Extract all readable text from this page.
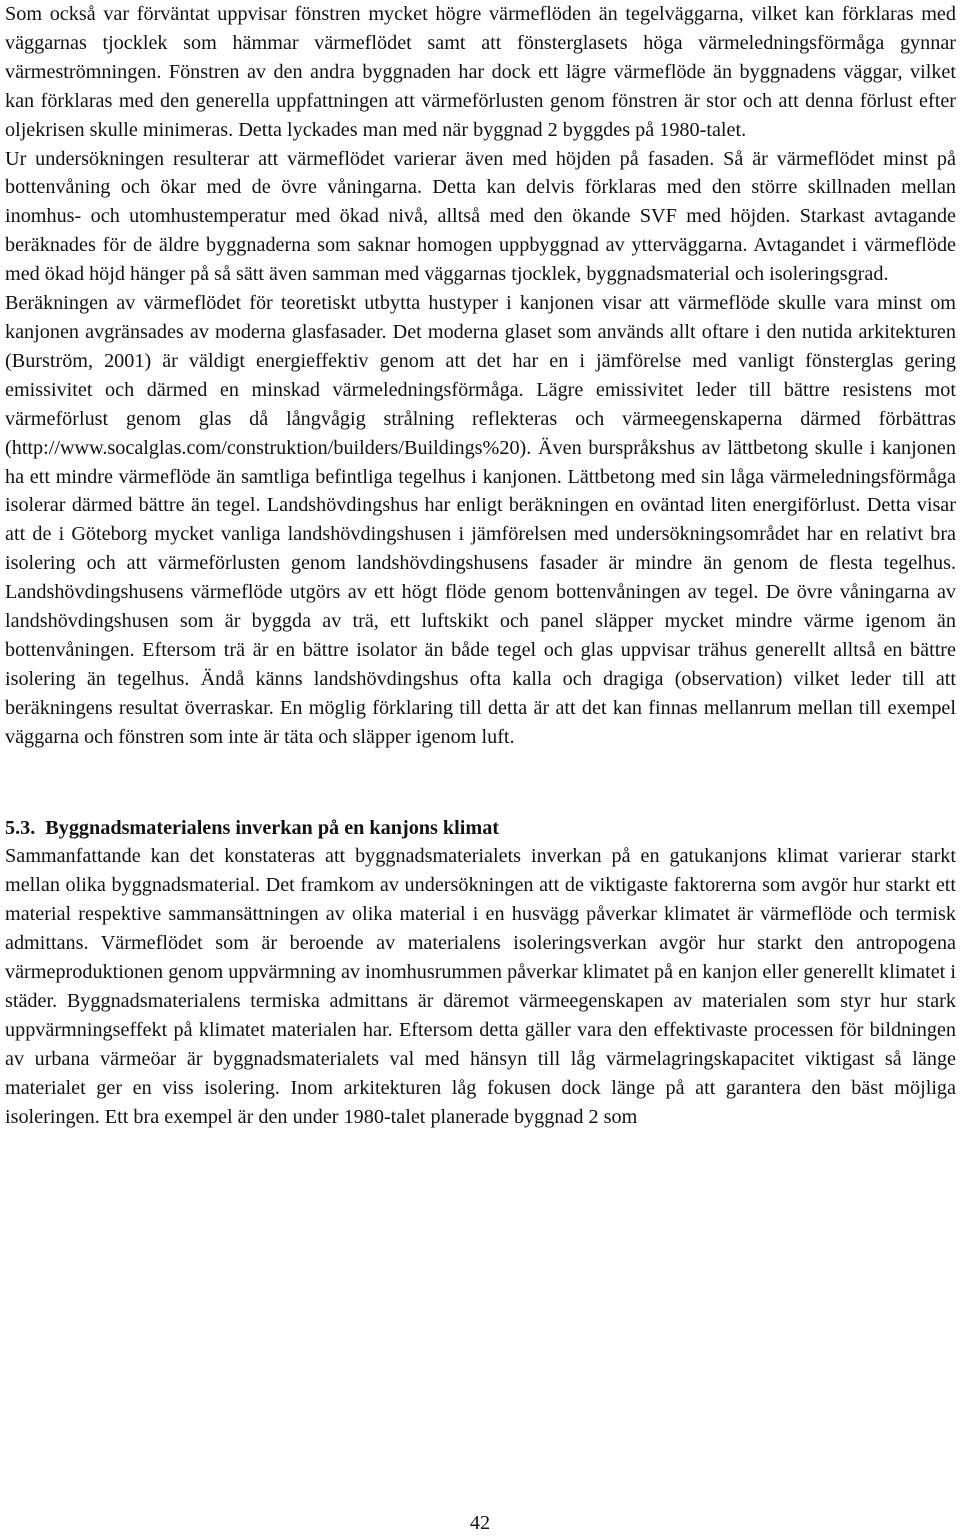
Som också var förväntat uppvisar fönstren mycket högre värmeflöden än tegelväggarna, vilket kan förklaras med väggarnas tjocklek som hämmar värmeflödet samt att fönsterglasets höga värmeledningsförmåga gynnar värmeströmningen. Fönstren av den andra byggnaden har dock ett lägre värmeflöde än byggnadens väggar, vilket kan förklaras med den generella uppfattningen att värmeförlusten genom fönstren är stor och att denna förlust efter oljekrisen skulle minimeras. Detta lyckades man med när byggnad 2 byggdes på 1980-talet.

Ur undersökningen resulterar att värmeflödet varierar även med höjden på fasaden. Så är värmeflödet minst på bottenvåning och ökar med de övre våningarna. Detta kan delvis förklaras med den större skillnaden mellan inomhus- och utomhustemperatur med ökad nivå, alltså med den ökande SVF med höjden. Starkast avtagande beräknades för de äldre byggnaderna som saknar homogen uppbyggnad av ytterväggarna. Avtagandet i värmeflöde med ökad höjd hänger på så sätt även samman med väggarnas tjocklek, byggnadsmaterial och isoleringsgrad.

Beräkningen av värmeflödet för teoretiskt utbytta hustyper i kanjonen visar att värmeflöde skulle vara minst om kanjonen avgränsades av moderna glasfasader. Det moderna glaset som används allt oftare i den nutida arkitekturen (Burström, 2001) är väldigt energieffektiv genom att det har en i jämförelse med vanligt fönsterglas gering emissivitet och därmed en minskad värmeledningsförmåga. Lägre emissivitet leder till bättre resistens mot värmeförlust genom glas då långvågig strålning reflekteras och värmeegenskaperna därmed förbättras (http://www.socalglas.com/construktion/builders/Buildings%20). Även burspråkshus av lättbetong skulle i kanjonen ha ett mindre värmeflöde än samtliga befintliga tegelhus i kanjonen. Lättbetong med sin låga värmeledningsförmåga isolerar därmed bättre än tegel. Landshövdingshus har enligt beräkningen en oväntad liten energiförlust. Detta visar att de i Göteborg mycket vanliga landshövdingshusen i jämförelsen med undersökningsområdet har en relativt bra isolering och att värmeförlusten genom landshövdingshusens fasader är mindre än genom de flesta tegelhus. Landshövdingshusens värmeflöde utgörs av ett högt flöde genom bottenvåningen av tegel. De övre våningarna av landshövdingshusen som är byggda av trä, ett luftskikt och panel släpper mycket mindre värme igenom än bottenvåningen. Eftersom trä är en bättre isolator än både tegel och glas uppvisar trähus generellt alltså en bättre isolering än tegelhus. Ändå känns landshövdingshus ofta kalla och dragiga (observation) vilket leder till att beräkningens resultat överraskar. En möglig förklaring till detta är att det kan finnas mellanrum mellan till exempel väggarna och fönstren som inte är täta och släpper igenom luft.

5.3. Byggnadsmaterialens inverkan på en kanjons klimat

Sammanfattande kan det konstateras att byggnadsmaterialets inverkan på en gatukanjons klimat varierar starkt mellan olika byggnadsmaterial. Det framkom av undersökningen att de viktigaste faktorerna som avgör hur starkt ett material respektive sammansättningen av olika material i en husvägg påverkar klimatet är värmeflöde och termisk admittans. Värmeflödet som är beroende av materialens isoleringsverkan avgör hur starkt den antropogena värmeproduktionen genom uppvärmning av inomhusrummen påverkar klimatet på en kanjon eller generellt klimatet i städer. Byggnadsmaterialens termiska admittans är däremot värmeegenskapen av materialen som styr hur stark uppvärmningseffekt på klimatet materialen har. Eftersom detta gäller vara den effektivaste processen för bildningen av urbana värmeöar är byggnadsmaterialets val med hänsyn till låg värmelagringskapacitet viktigast så länge materialet ger en viss isolering. Inom arkitekturen låg fokusen dock länge på att garantera den bäst möjliga isoleringen. Ett bra exempel är den under 1980-talet planerade byggnad 2 som

42
